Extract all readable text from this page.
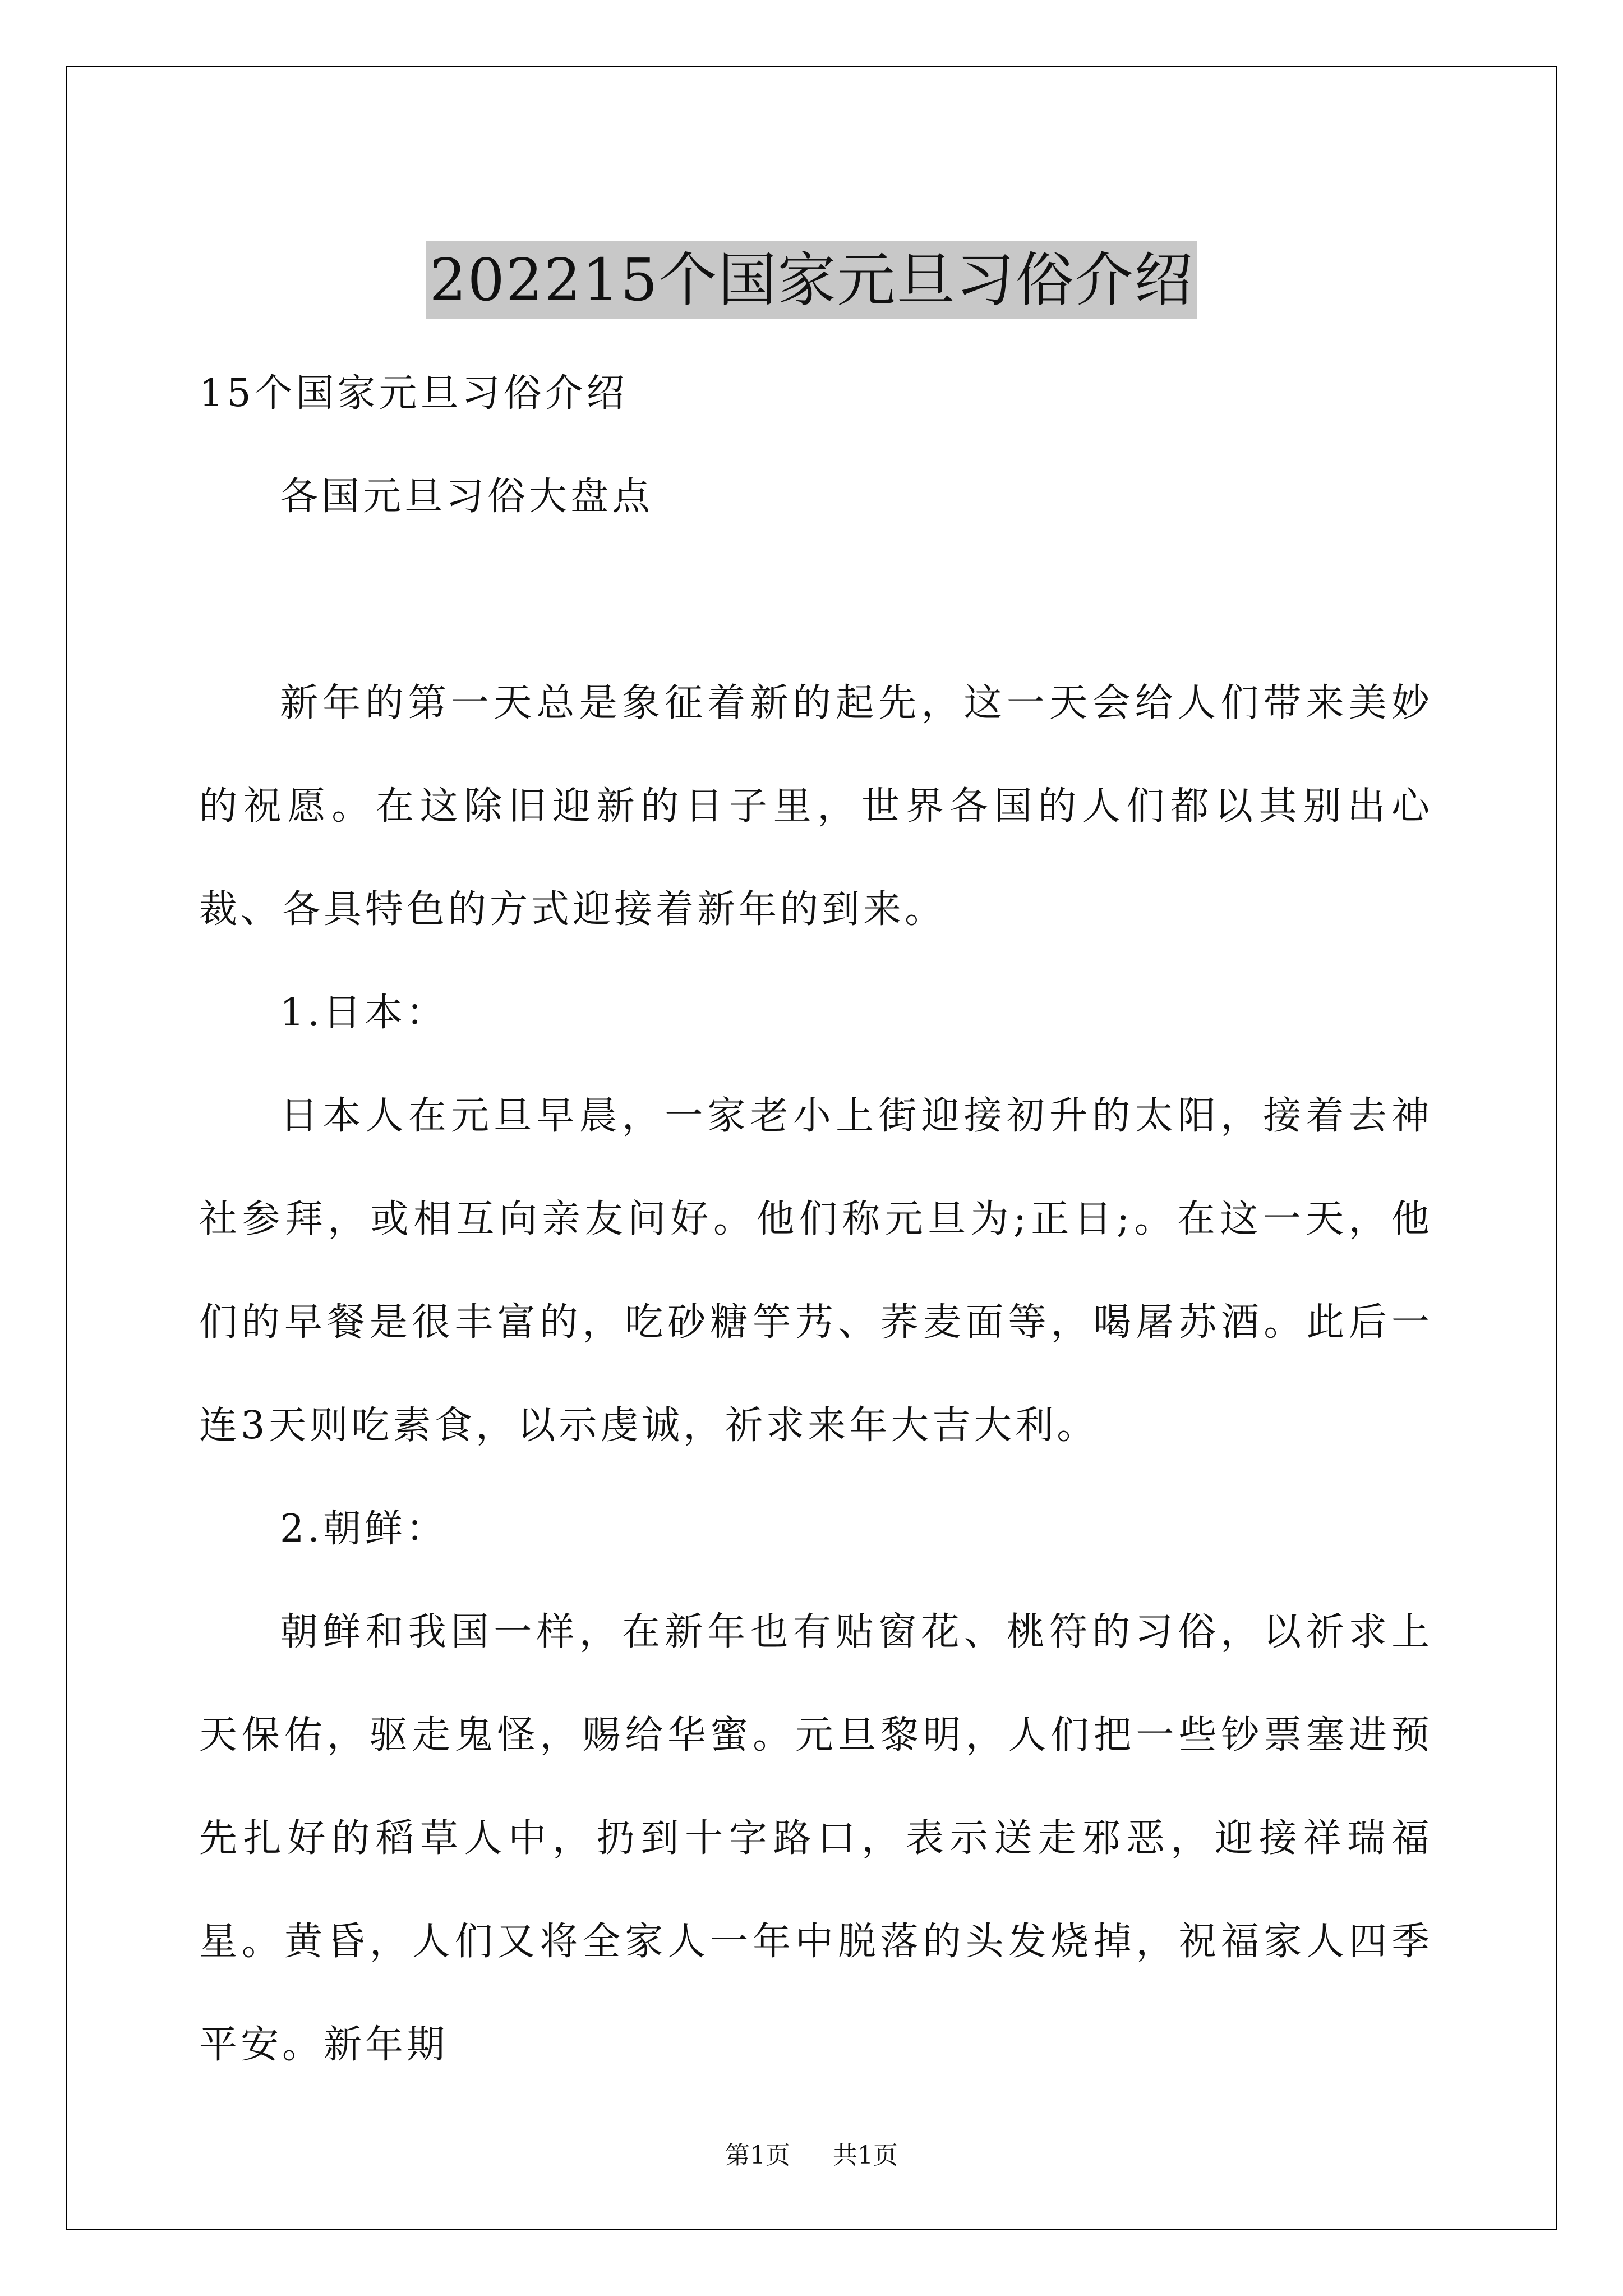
202215个国家元旦习俗介绍

15个国家元旦习俗介绍

各国元旦习俗大盘点

新年的第一天总是象征着新的起先，这一天会给人们带来美妙的祝愿。在这除旧迎新的日子里，世界各国的人们都以其别出心裁、各具特色的方式迎接着新年的到来。

1.日本：

日本人在元旦早晨，一家老小上街迎接初升的太阳，接着去神社参拜，或相互向亲友问好。他们称元旦为;正日;。在这一天，他们的早餐是很丰富的，吃砂糖竽艿、荞麦面等，喝屠苏酒。此后一连3天则吃素食，以示虔诚，祈求来年大吉大利。

2.朝鲜：

朝鲜和我国一样，在新年也有贴窗花、桃符的习俗，以祈求上天保佑，驱走鬼怪，赐给华蜜。元旦黎明，人们把一些钞票塞进预先扎好的稻草人中，扔到十字路口，表示送走邪恶，迎接祥瑞福星。黄昏，人们又将全家人一年中脱落的头发烧掉，祝福家人四季平安。新年期

第1页 共1页
